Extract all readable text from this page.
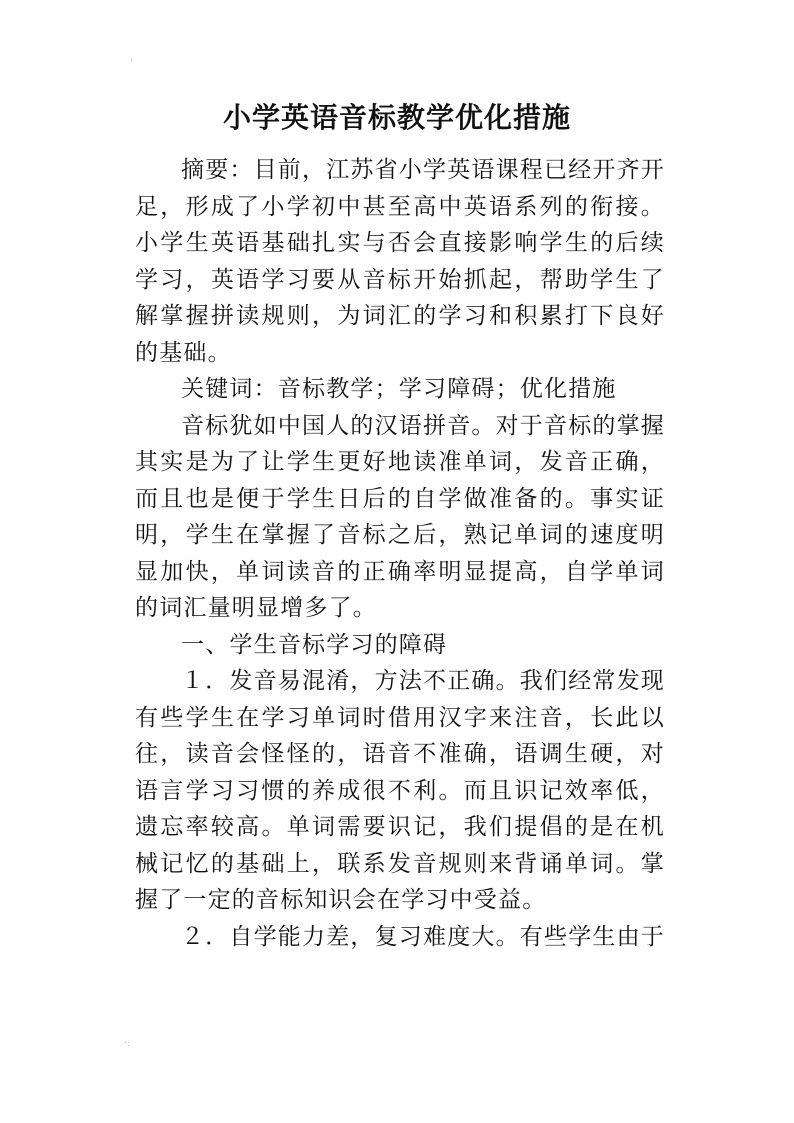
'
·:
小学英语音标教学优化措施

摘要：目前，江苏省小学英语课程已经开齐开足，形成了小学初中甚至高中英语系列的衔接。小学生英语基础扎实与否会直接影响学生的后续学习，英语学习要从音标开始抓起，帮助学生了解掌握拼读规则，为词汇的学习和积累打下良好的基础。

关键词：音标教学；学习障碍；优化措施

音标犹如中国人的汉语拼音。对于音标的掌握其实是为了让学生更好地读准单词，发音正确，而且也是便于学生日后的自学做准备的。事实证明，学生在掌握了音标之后，熟记单词的速度明显加快，单词读音的正确率明显提高，自学单词的词汇量明显增多了。

一、学生音标学习的障碍

１．发音易混淆，方法不正确。我们经常发现有些学生在学习单词时借用汉字来注音，长此以往，读音会怪怪的，语音不准确，语调生硬，对语言学习习惯的养成很不利。而且识记效率低，遗忘率较高。单词需要识记，我们提倡的是在机械记忆的基础上，联系发音规则来背诵单词。掌握了一定的音标知识会在学习中受益。

２．自学能力差，复习难度大。有些学生由于
